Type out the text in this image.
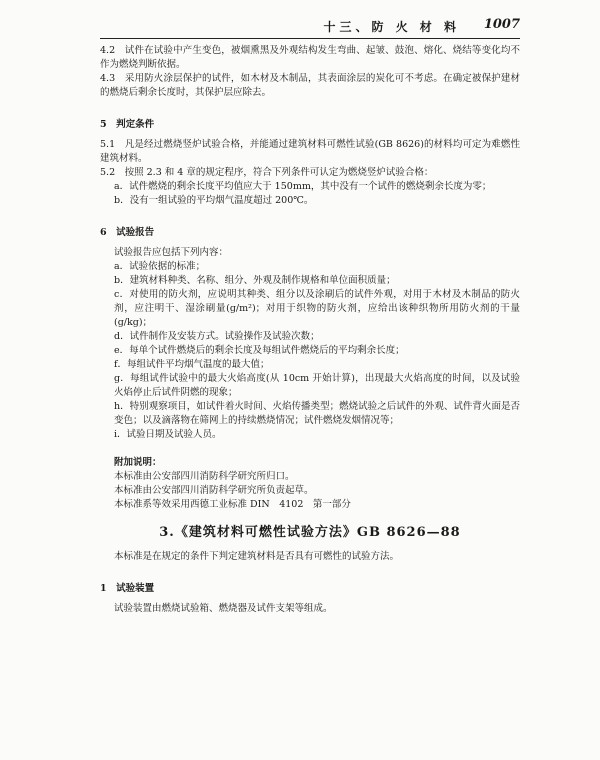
十三、防 火 材 料 1007

4.2　试件在试验中产生变色，被烟熏黑及外观结构发生弯曲、起皱、鼓泡、熔化、烧结等变化均不作为燃烧判断依据。

4.3　采用防火涂层保护的试件，如木材及木制品，其表面涂层的炭化可不考虑。在确定被保护建材的燃烧后剩余长度时，其保护层应除去。

5　判定条件

5.1　凡是经过燃烧竖炉试验合格，并能通过建筑材料可燃性试验(GB 8626)的材料均可定为难燃性建筑材料。

5.2　按照 2.3 和 4 章的规定程序，符合下列条件可认定为燃烧竖炉试验合格：

a．试件燃烧的剩余长度平均值应大于 150mm，其中没有一个试件的燃烧剩余长度为零；

b．没有一组试验的平均烟气温度超过 200℃。

6　试验报告

试验报告应包括下列内容：

a．试验依据的标准；

b．建筑材料种类、名称、组分、外观及制作规格和单位面积质量；

c．对使用的防火剂，应说明其种类、组分以及涂刷后的试件外观，对用于木材及木制品的防火剂，应注明干、湿涂刷量(g/m²)；对用于织物的防火剂，应给出该种织物所用防火剂的干量(g/kg)；

d．试件制作及安装方式。试验操作及试验次数；

e．每单个试件燃烧后的剩余长度及每组试件燃烧后的平均剩余长度；

f．每组试件平均烟气温度的最大值；

g．每组试件试验中的最大火焰高度(从 10cm 开始计算)，出现最大火焰高度的时间，以及试验火焰停止后试件阴燃的现象；

h．特别观察项目，如试件着火时间、火焰传播类型；燃烧试验之后试件的外观、试件背火面是否变色；以及滴落物在筛网上的持续燃烧情况；试件燃烧发烟情况等；

i．试验日期及试验人员。

附加说明：

本标准由公安部四川消防科学研究所归口。

本标准由公安部四川消防科学研究所负责起草。

本标准系等效采用西德工业标准 DIN　4102　第一部分

3.《建筑材料可燃性试验方法》GB 8626—88

本标准是在规定的条件下判定建筑材料是否具有可燃性的试验方法。

1　试验装置

试验装置由燃烧试验箱、燃烧器及试件支架等组成。
